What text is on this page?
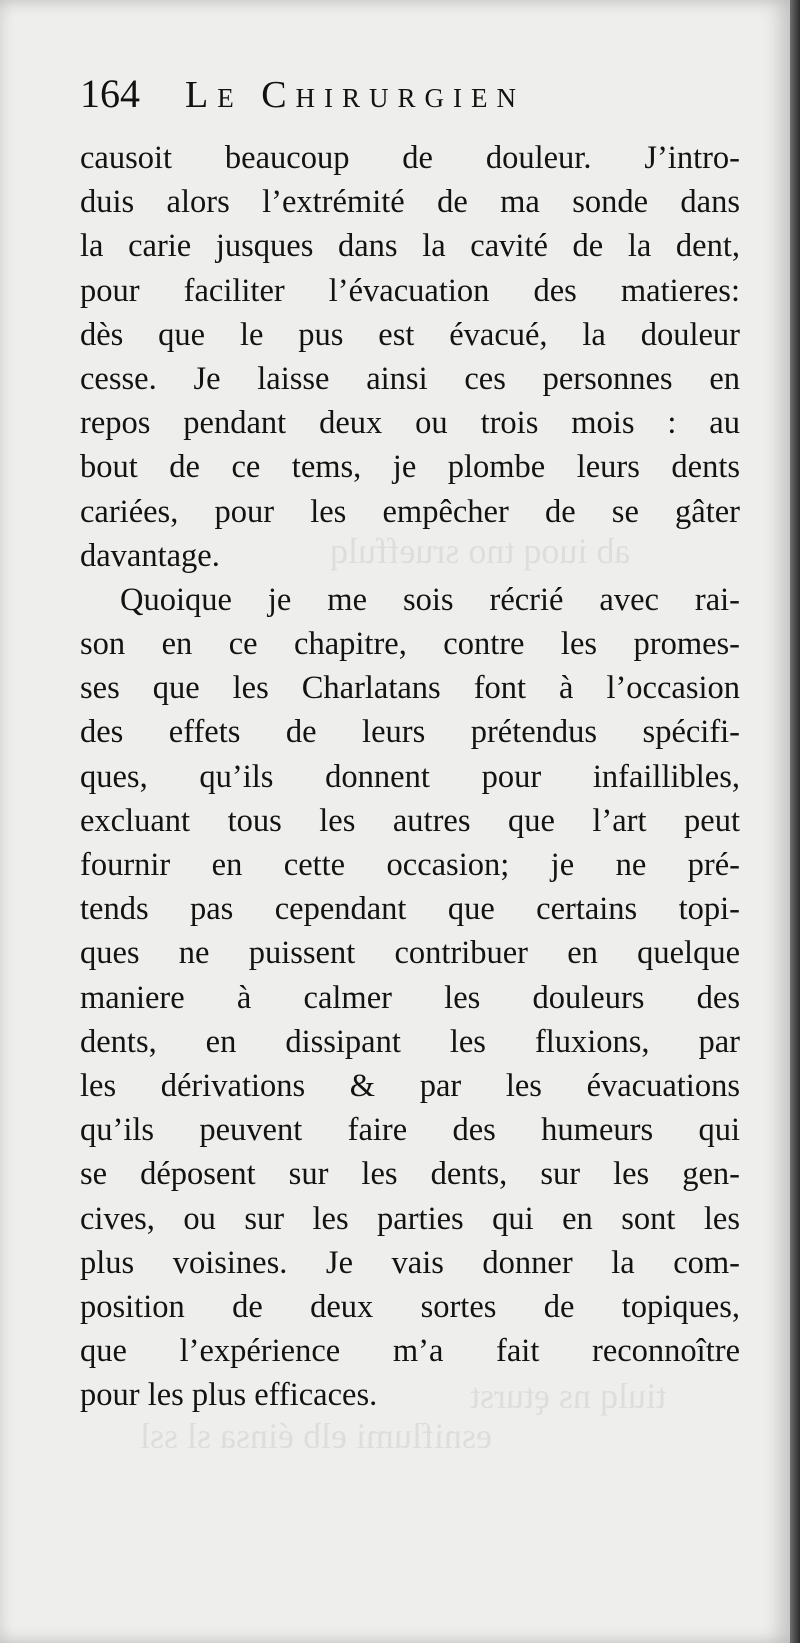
164	Le Chirurgien
causoit beaucoup de douleur. J’intro-
duis alors l’extrémité de ma sonde dans
la carie jusques dans la cavité de la dent,
pour faciliter l’évacuation des matieres:
dès que le pus est évacué, la douleur
cesse. Je laisse ainsi ces personnes en
repos pendant deux ou trois mois : au
bout de ce tems, je plombe leurs dents
cariées, pour les empêcher de se gâter
davantage.
Quoique je me sois récrié avec rai-
son en ce chapitre, contre les promes-
ses que les Charlatans font à l’occasion
des effets de leurs prétendus spécifi-
ques, qu’ils donnent pour infaillibles,
excluant tous les autres que l’art peut
fournir en cette occasion; je ne pré-
tends pas cependant que certains topi-
ques ne puissent contribuer en quelque
maniere à calmer les douleurs des
dents, en dissipant les fluxions, par
les dérivations & par les évacuations
qu’ils peuvent faire des humeurs qui
se déposent sur les dents, sur les gen-
cives, ou sur les parties qui en sont les
plus voisines. Je vais donner la com-
position de deux sortes de topiques,
que l’expérience m’a fait reconnoître
pour les plus efficaces.
